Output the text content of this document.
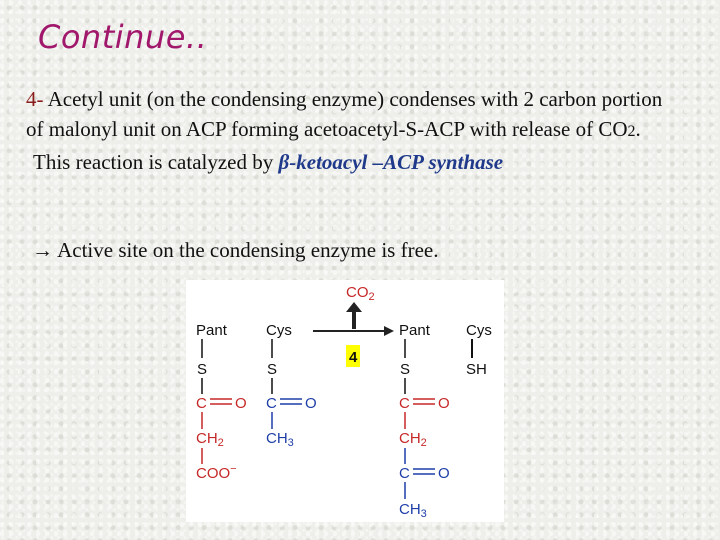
Continue..

4- Acetyl unit (on the condensing enzyme) condenses with 2 carbon portion of malonyl unit on ACP forming acetoacetyl-S-ACP with release of CO2.

This reaction is catalyzed by β-ketoacyl –ACP synthase

→ Active site on the condensing enzyme is free.
$CO_2$
4
Pant
S
C O
$CH_2$
COO−
Cys
S
C O
$CH_3$
Pant
S
C O
$CH_2$
C O
$CH_3$
Cys
SH
